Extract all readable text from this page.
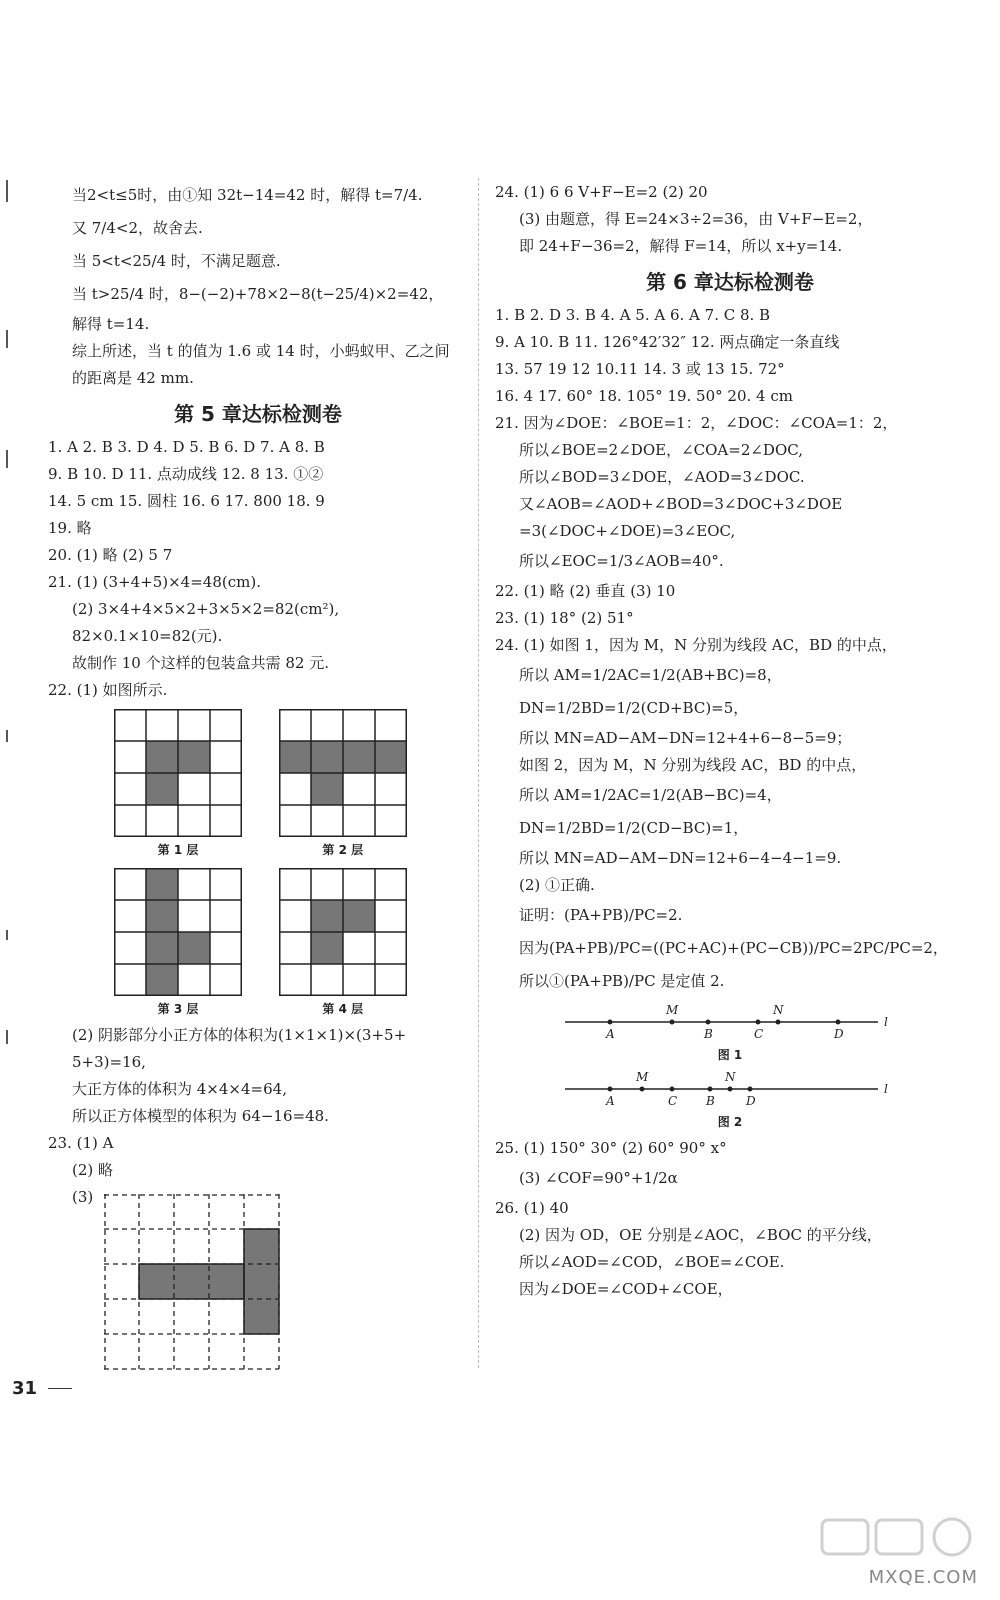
当2<t≤5时，由①知 32t−14=42 时，解得 t=7/4.
又 7/4<2，故舍去.
当 5<t<25/4 时，不满足题意.
当 t>25/4 时，8−(−2)+78×2−8(t−25/4)×2=42，
解得 t=14.
综上所述，当 t 的值为 1.6 或 14 时，小蚂蚁甲、乙之间
的距离是 42 mm.
第 5 章达标检测卷
1. A 2. B 3. D 4. D 5. B 6. D 7. A 8. B
9. B 10. D 11. 点动成线 12. 8 13. ①②
14. 5 cm 15. 圆柱 16. 6 17. 800 18. 9
19. 略
20. (1) 略 (2) 5 7
21. (1) (3+4+5)×4=48(cm).
(2) 3×4+4×5×2+3×5×2=82(cm²),
82×0.1×10=82(元).
故制作 10 个这样的包装盒共需 82 元.
22. (1) 如图所示.
第 1 层
	第 2 层
第 3 层
	第 4 层
(2) 阴影部分小正方体的体积为(1×1×1)×(3+5+
5+3)=16,
大正方体的体积为 4×4×4=64,
所以正方体模型的体积为 64−16=48.
23. (1) A
(2) 略
(3)
24. (1) 6 6 V+F−E=2 (2) 20
(3) 由题意，得 E=24×3÷2=36，由 V+F−E=2，
即 24+F−36=2，解得 F=14，所以 x+y=14.
第 6 章达标检测卷
1. B 2. D 3. B 4. A 5. A 6. A 7. C 8. B
9. A 10. B 11. 126°42′32″ 12. 两点确定一条直线
13. 57 19 12 10.11 14. 3 或 13 15. 72°
16. 4 17. 60° 18. 105° 19. 50° 20. 4 cm
21. 因为∠DOE：∠BOE=1：2，∠DOC：∠COA=1：2，
所以∠BOE=2∠DOE，∠COA=2∠DOC,
所以∠BOD=3∠DOE，∠AOD=3∠DOC.
又∠AOB=∠AOD+∠BOD=3∠DOC+3∠DOE
=3(∠DOC+∠DOE)=3∠EOC,
所以∠EOC=1/3∠AOB=40°.
22. (1) 略 (2) 垂直 (3) 10
23. (1) 18° (2) 51°
24. (1) 如图 1，因为 M，N 分别为线段 AC，BD 的中点，
所以 AM=1/2AC=1/2(AB+BC)=8，
DN=1/2BD=1/2(CD+BC)=5，
所以 MN=AD−AM−DN=12+4+6−8−5=9；
如图 2，因为 M，N 分别为线段 AC，BD 的中点，
所以 AM=1/2AC=1/2(AB−BC)=4，
DN=1/2BD=1/2(CD−BC)=1，
所以 MN=AD−AM−DN=12+6−4−4−1=9.
(2) ①正确.
证明：(PA+PB)/PC=2.
因为(PA+PB)/PC=((PC+AC)+(PC−CB))/PC=2PC/PC=2，
所以①(PA+PB)/PC 是定值 2.
A
M
B	C
N
D
l
图 1
A
M
C B
N
D
l
图 2
25. (1) 150° 30° (2) 60° 90° x°
(3) ∠COF=90°+1/2α
26. (1) 40
(2) 因为 OD，OE 分别是∠AOC，∠BOC 的平分线，
所以∠AOD=∠COD，∠BOE=∠COE.
因为∠DOE=∠COD+∠COE，
31
MXQE.COM
